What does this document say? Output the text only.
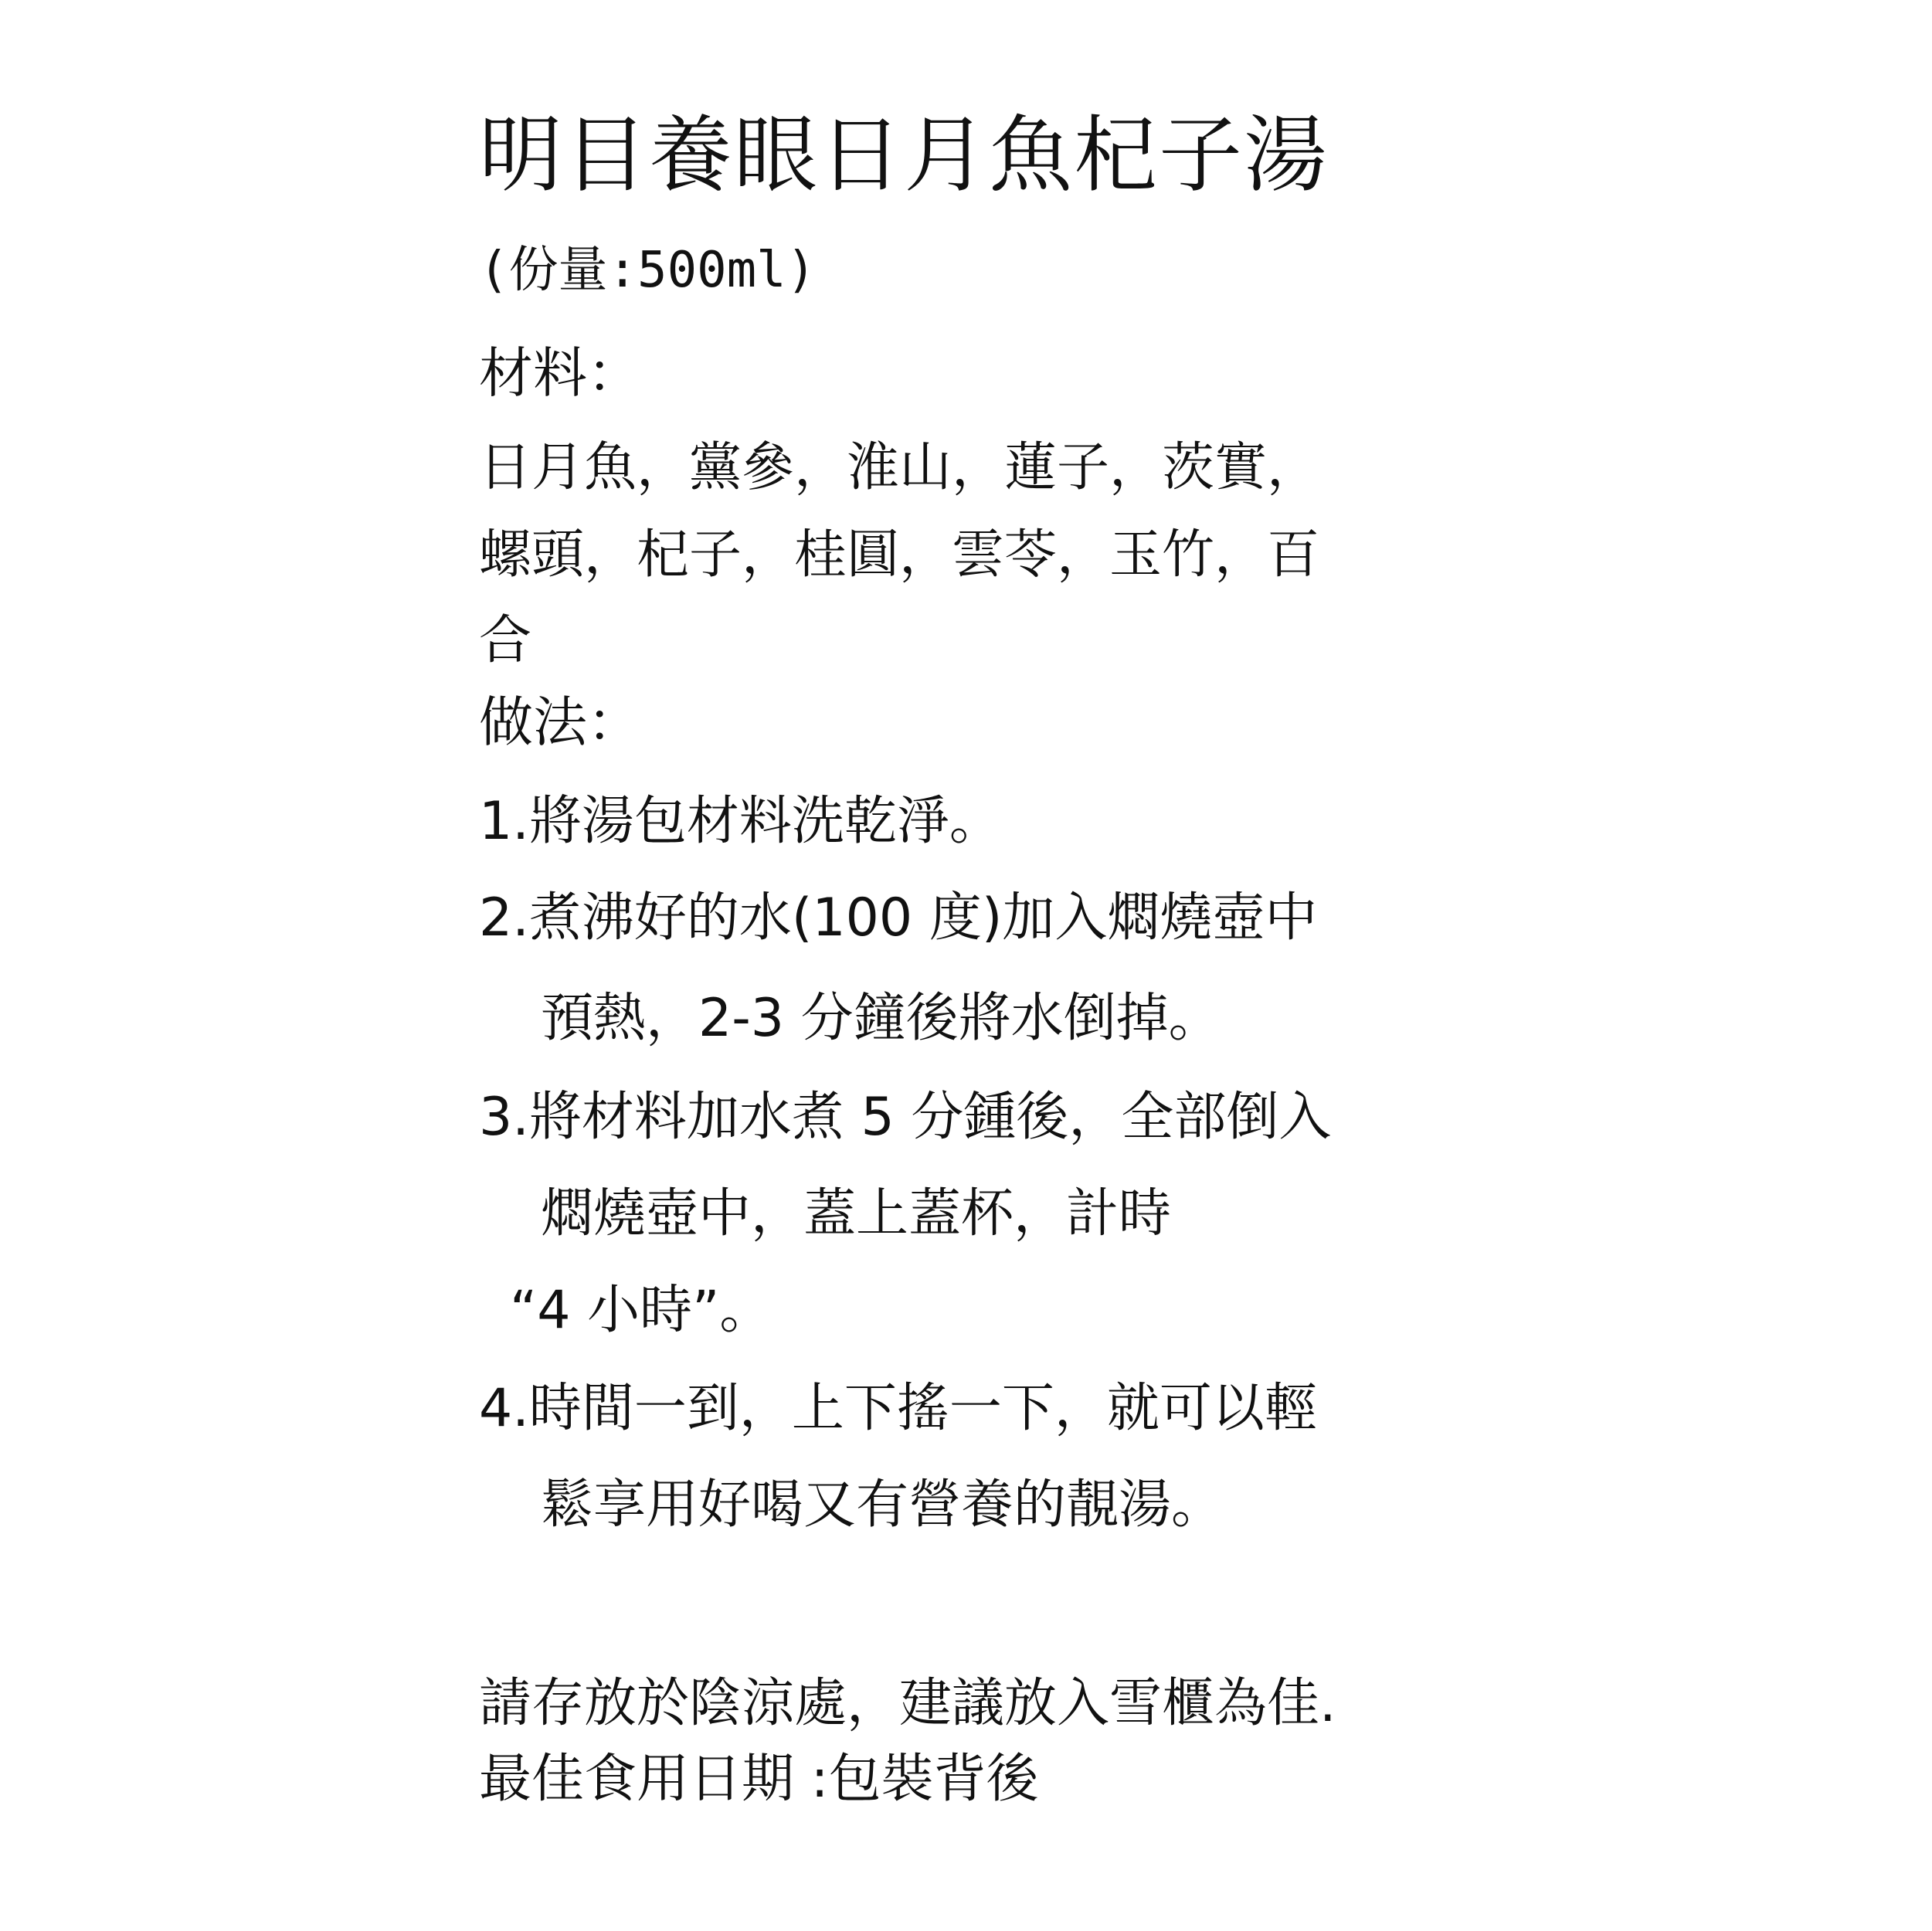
明目養眼日月魚杞子湯
(份量:500ml)
材料：
日月魚，黨參，淮山，蓮子，茨實，
螺頭，杞子，桂圓，雲苓，玉竹，百
合
做法：
1.將湯包材料洗乾淨。
2.煮沸好的水(100 度)加入燜燒壺中
預熱，2-3 分鐘後將水倒掉。
3.將材料加水煮 5 分鍾後，全部倒入
燜燒壺中，蓋上蓋杯，計時
“4 小時”。
4.時間一到，上下搖一下，就可以輕
鬆享用好喝又有營養的靚湯。
請存放於陰涼處，建議放入雪櫃為佳.
最佳食用日期 :包裝背後
